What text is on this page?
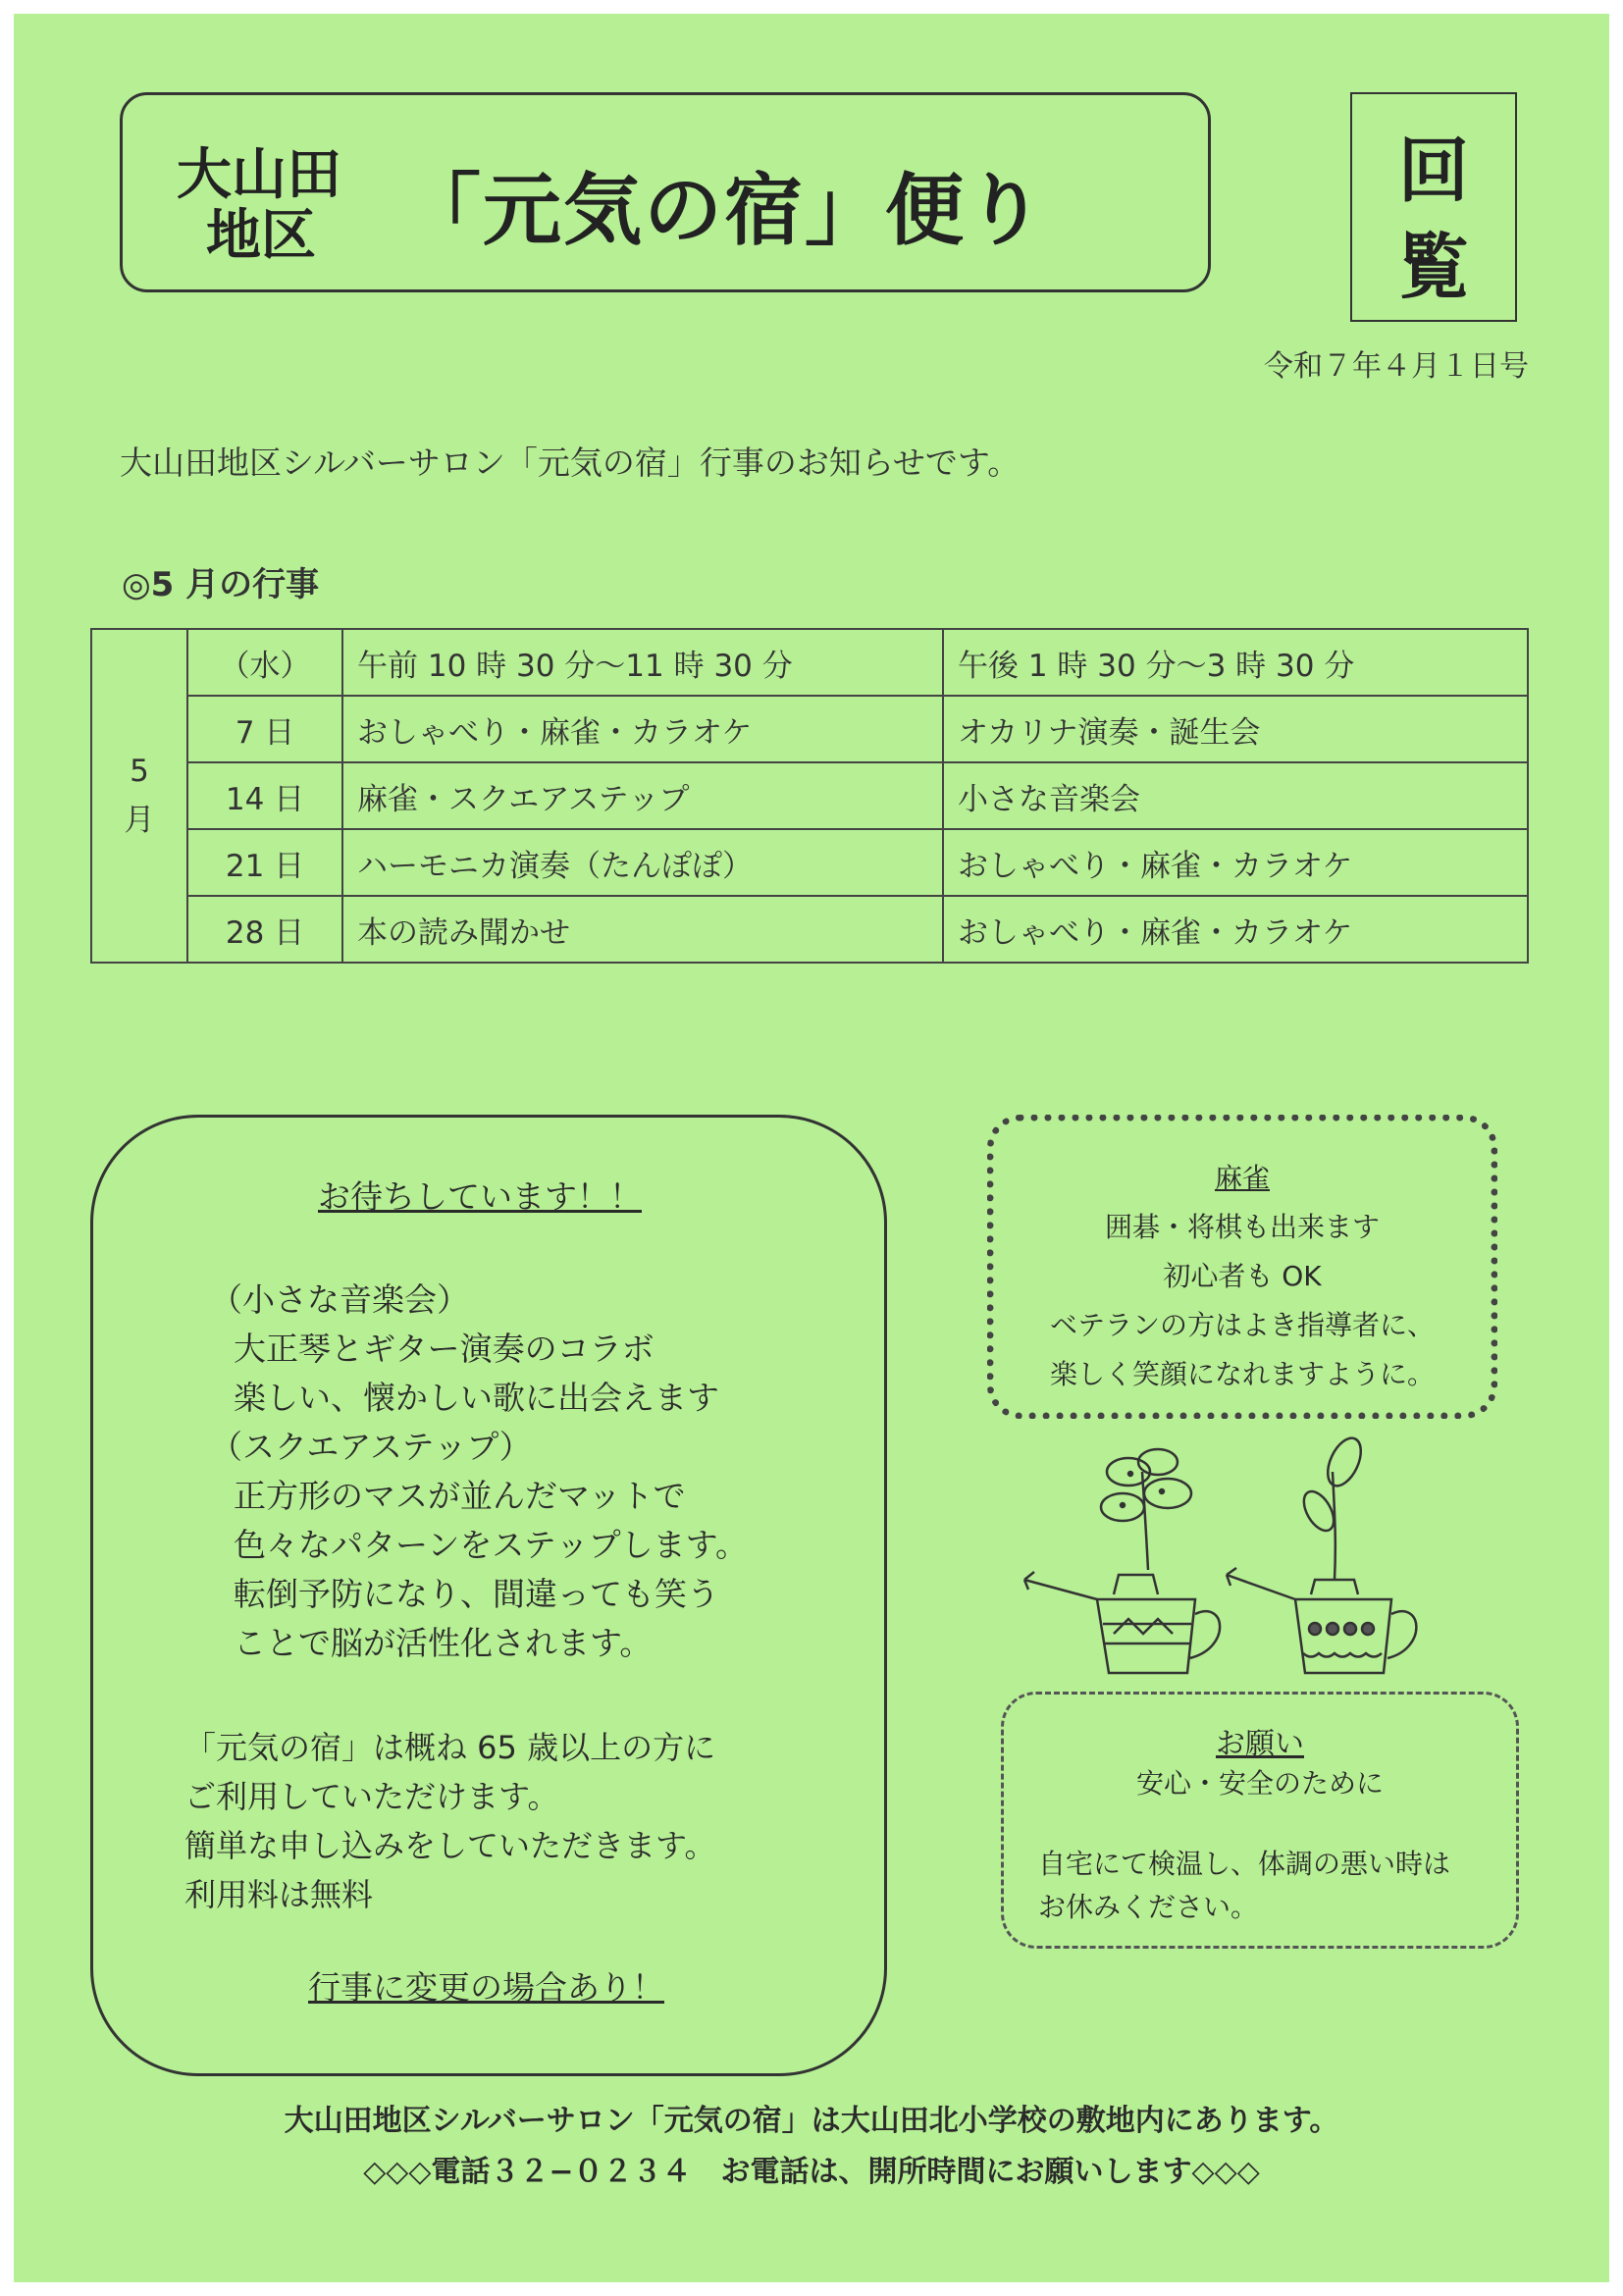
大山田
地区	「元気の宿」便り	回
覧
令和７年４月１日号
大山田地区シルバーサロン「元気の宿」行事のお知らせです。
◎5 月の行事
5
月	（水）	午前 10 時 30 分～11 時 30 分	午後 1 時 30 分～3 時 30 分
	7 日	おしゃべり・麻雀・カラオケ	オカリナ演奏・誕生会
	14 日	麻雀・スクエアステップ	小さな音楽会
	21 日	ハーモニカ演奏（たんぽぽ）	おしゃべり・麻雀・カラオケ
	28 日	本の読み聞かせ	おしゃべり・麻雀・カラオケ
お待ちしています！！
（小さな音楽会）
大正琴とギター演奏のコラボ
楽しい、懐かしい歌に出会えます
（スクエアステップ）
正方形のマスが並んだマットで
色々なパターンをステップします。
転倒予防になり、間違っても笑う
ことで脳が活性化されます。
「元気の宿」は概ね 65 歳以上の方に
ご利用していただけます。
簡単な申し込みをしていただきます。
利用料は無料
行事に変更の場合あり！
麻雀
囲碁・将棋も出来ます
初心者も OK
ベテランの方はよき指導者に、
楽しく笑顔になれますように。
お願い
安心・安全のために
自宅にて検温し、体調の悪い時は
お休みください。
大山田地区シルバーサロン「元気の宿」は大山田北小学校の敷地内にあります。
◇◇◇電話３２−０２３４　お電話は、開所時間にお願いします◇◇◇
